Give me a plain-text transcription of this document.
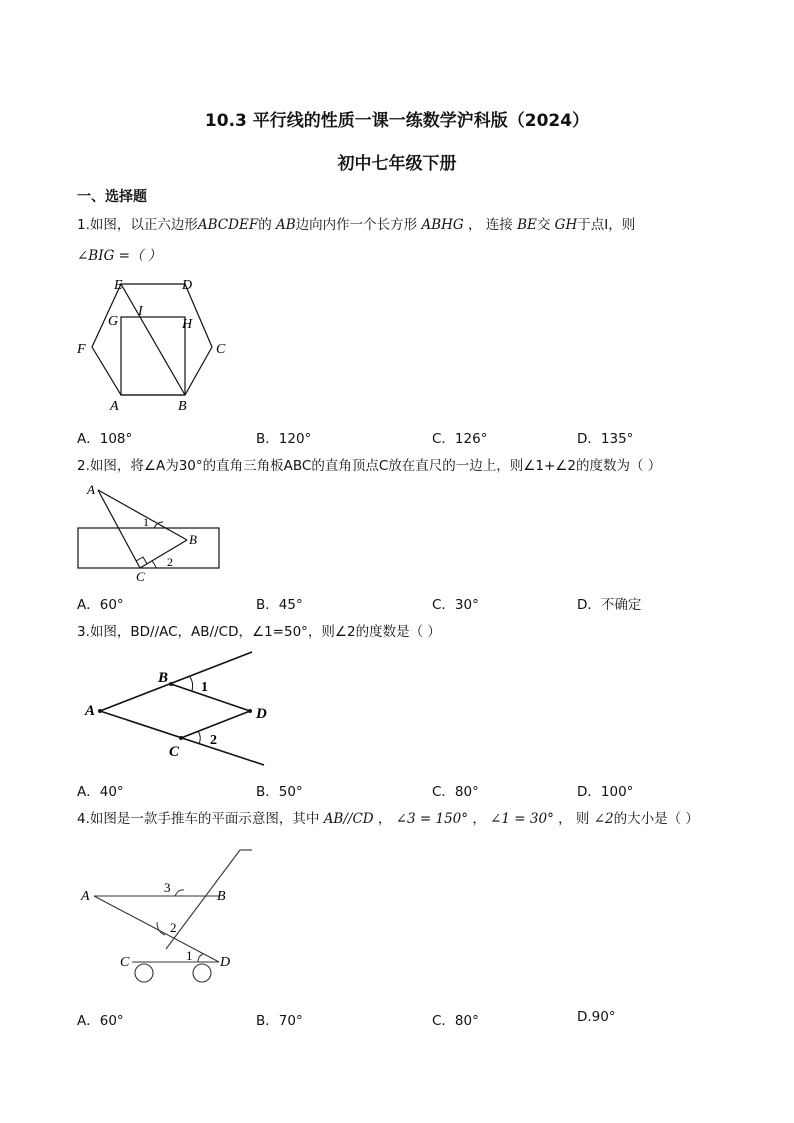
10.3 平行线的性质一课一练数学沪科版（2024）
初中七年级下册
一、选择题
1.如图，以正六边形ABCDEF的 AB边向内作一个长方形 ABHG ， 连接 BE交 GH于点I，则
∠BIG =（ ）
E	D
G
I
H
F	C
A	B
A．108°	B．120°	C．126°	D．135°
2.如图，将∠A为30°的直角三角板ABC的直角顶点C放在直尺的一边上，则∠1+∠2的度数为（ ）
A
B
C
1
2
A．60°	B．45°	C．30°	D．不确定
3.如图，BD//AC，AB//CD，∠1=50°，则∠2的度数是（ ）
A
B
C
D
1
2
A．40°	B．50°	C．80°	D．100°
4.如图是一款手推车的平面示意图，其中 AB//CD ， ∠3 = 150° ， ∠1 = 30° ， 则 ∠2的大小是（ ）
A	B
C	D
3
2
1
A．60°	B．70°	C．80°	D.90°
